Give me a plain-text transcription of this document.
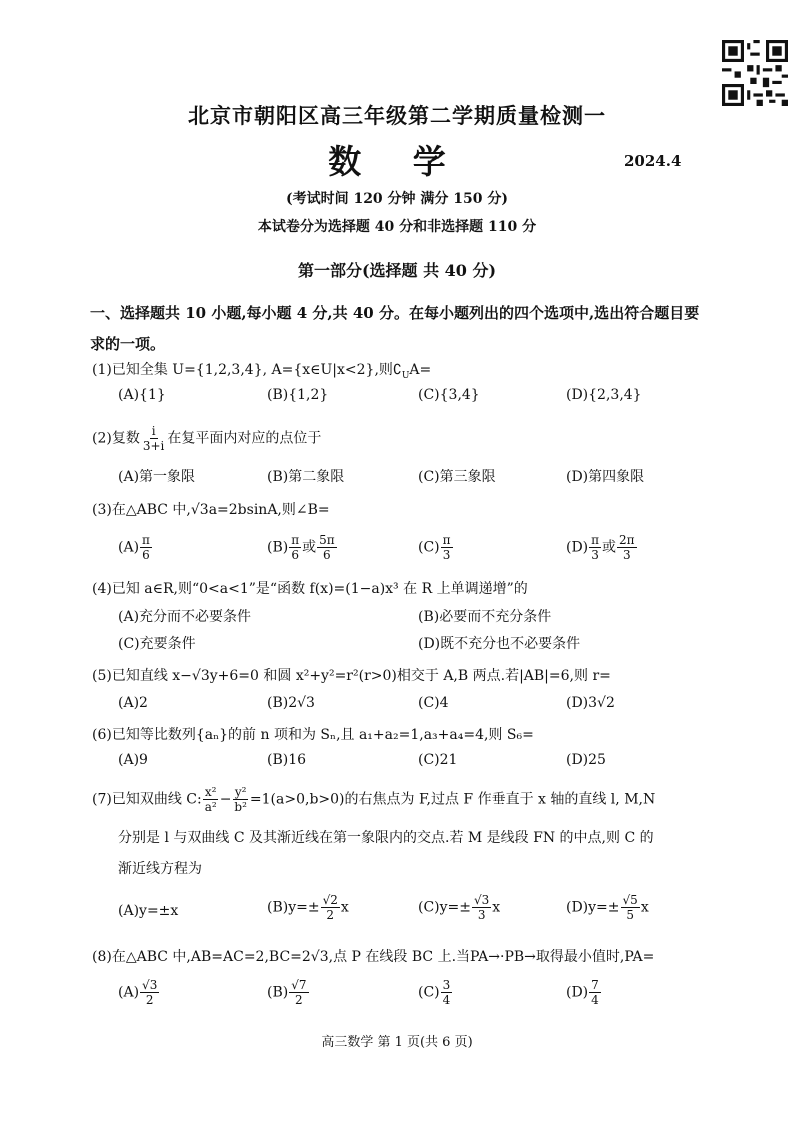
北京市朝阳区高三年级第二学期质量检测一
数 学	2024.4
(考试时间 120 分钟 满分 150 分)
本试卷分为选择题 40 分和非选择题 110 分
第一部分(选择题 共 40 分)
一、选择题共 10 小题,每小题 4 分,共 40 分。在每小题列出的四个选项中,选出符合题目要求的一项。
(1)已知全集 U={1,2,3,4}, A={x∈U|x<2},则$∁_UA=$
(A){1}	(B){1,2}	(C){3,4}	(D){2,3,4}
(2)复数 $\frac{i}{3+i}$ 在复平面内对应的点位于
(A)第一象限	(B)第二象限	(C)第三象限	(D)第四象限
(3)在△ABC 中,√3a=2bsinA,则∠B=
$(A) \frac{\pi}{6}$	$(B) \frac{\pi}{6}$ 或 $\frac{5\pi}{6}$	$(C) \frac{\pi}{3}$	$(D) \frac{\pi}{3}$ 或 $\frac{2\pi}{3}$
(4)已知 a∈R,则“0<a<1”是“函数 f(x)=(1−a)x³ 在 R 上单调递增”的
(A)充分而不必要条件	(B)必要而不充分条件
(C)充要条件	(D)既不充分也不必要条件
(5)已知直线 x−√3y+6=0 和圆 x²+y²=r²(r>0)相交于 A,B 两点.若|AB|=6,则 r=
(A)2	(B)2√3	(C)4	(D)3√2
(6)已知等比数列{aₙ}的前 n 项和为 Sₙ,且 a₁+a₂=1,a₃+a₄=4,则 S₆=
(A)9	(B)16	(C)21	(D)25
(7)已知双曲线 C: $\frac{\text{x²}}{\text{a²}} - \frac{\text{y²}}{\text{b²}} =1(a>0,b>0)$的右焦点为 F,过点 F 作垂直于 x 轴的直线 l, M,N
分别是 l 与双曲线 C 及其渐近线在第一象限内的交点.若 M 是线段 FN 的中点,则 C 的
渐近线方程为
(A)y=±x	$(B)y=\pm \frac{√2}{2}$ x	$(C)y=\pm \frac{√3}{3}$ x	$(D)y=\pm \frac{√5}{5}$ x
(8)在△ABC 中,AB=AC=2,BC=2√3,点 P 在线段 BC 上.当PA→·PB→取得最小值时,PA=
$(A) \frac{√3}{2}$	$(B) \frac{√7}{2}$	$(C) \frac{3}{4}$	$(D) \frac{7}{4}$
高三数学 第 1 页(共 6 页)
